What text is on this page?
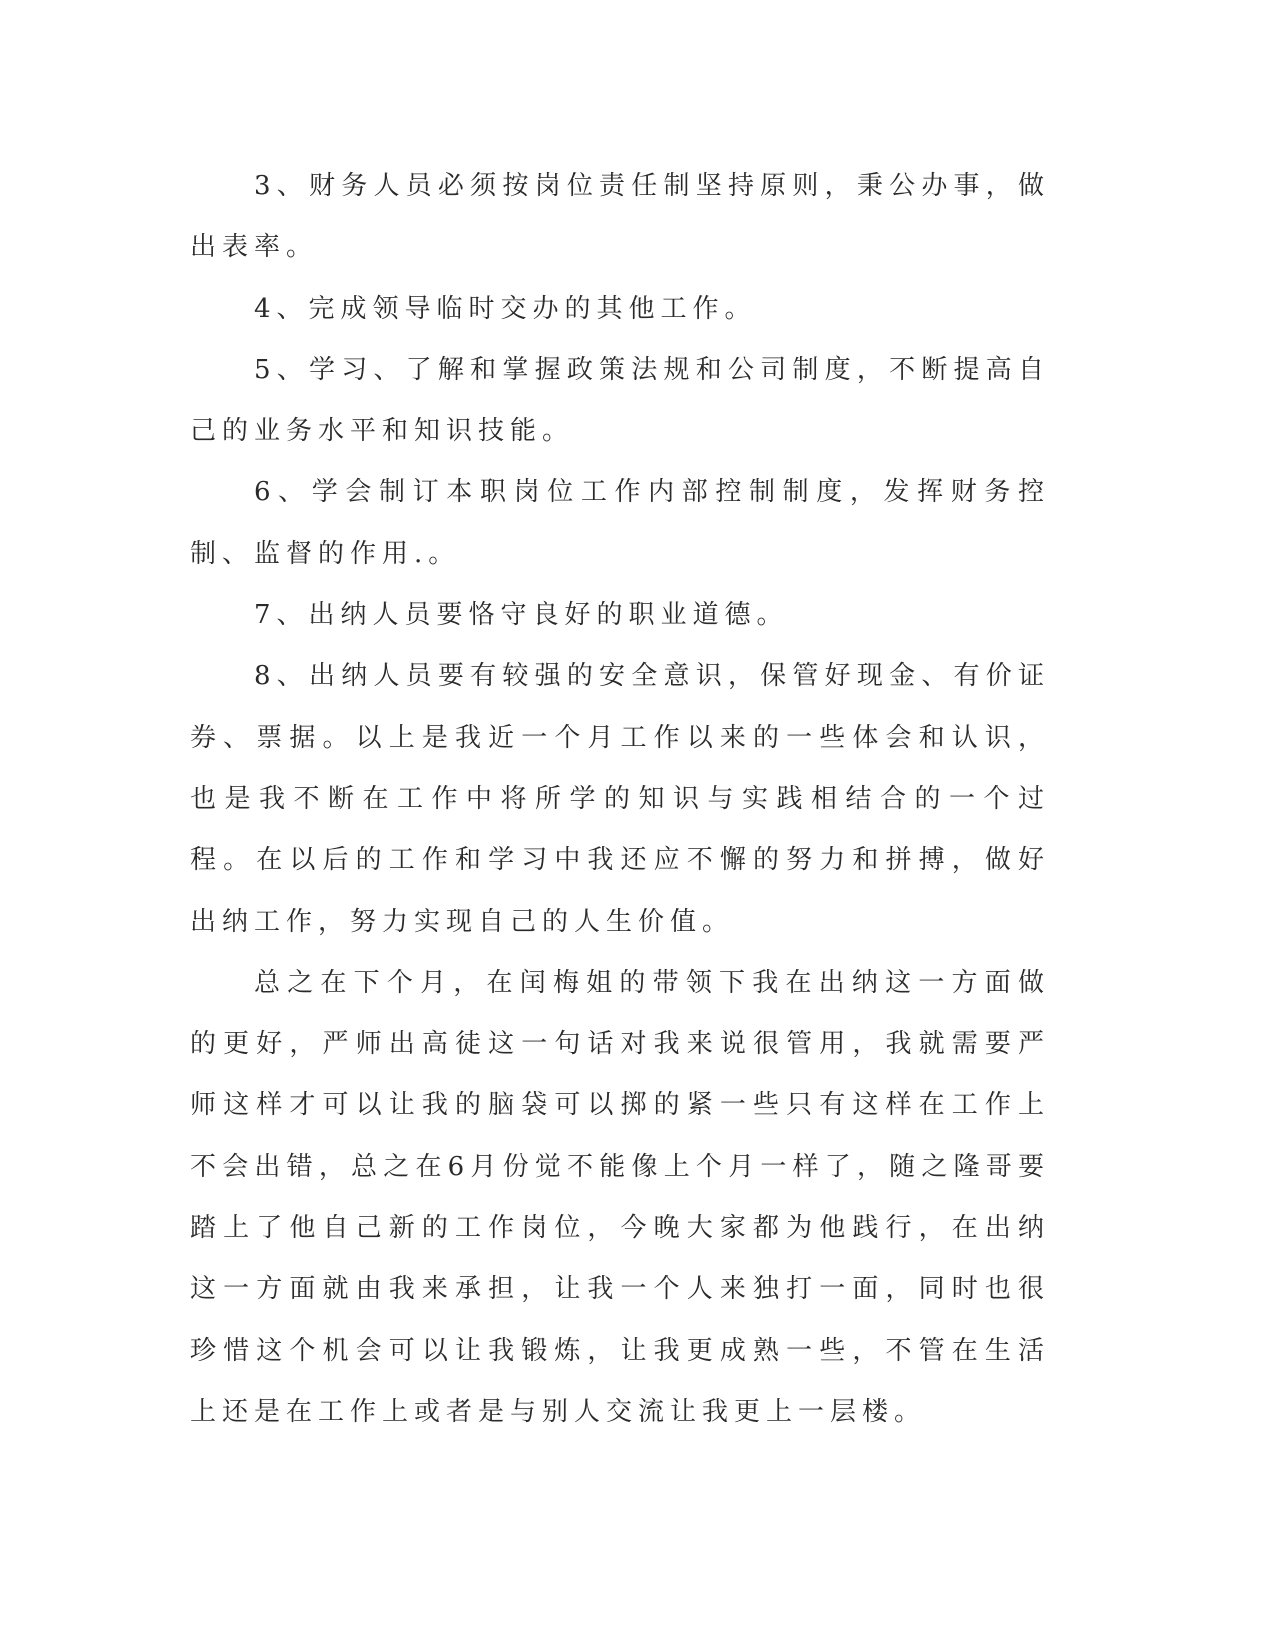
3、财务人员必须按岗位责任制坚持原则，秉公办事，做出表率。

4、完成领导临时交办的其他工作。

5、学习、了解和掌握政策法规和公司制度，不断提高自己的业务水平和知识技能。

6、学会制订本职岗位工作内部控制制度，发挥财务控制、监督的作用.。

7、出纳人员要恪守良好的职业道德。

8、出纳人员要有较强的安全意识，保管好现金、有价证券、票据。以上是我近一个月工作以来的一些体会和认识，也是我不断在工作中将所学的知识与实践相结合的一个过程。在以后的工作和学习中我还应不懈的努力和拼搏，做好出纳工作，努力实现自己的人生价值。

总之在下个月，在闰梅姐的带领下我在出纳这一方面做的更好，严师出高徒这一句话对我来说很管用，我就需要严师这样才可以让我的脑袋可以掷的紧一些只有这样在工作上不会出错，总之在6月份觉不能像上个月一样了，随之隆哥要踏上了他自己新的工作岗位，今晚大家都为他践行，在出纳这一方面就由我来承担，让我一个人来独打一面，同时也很珍惜这个机会可以让我锻炼，让我更成熟一些，不管在生活上还是在工作上或者是与别人交流让我更上一层楼。
